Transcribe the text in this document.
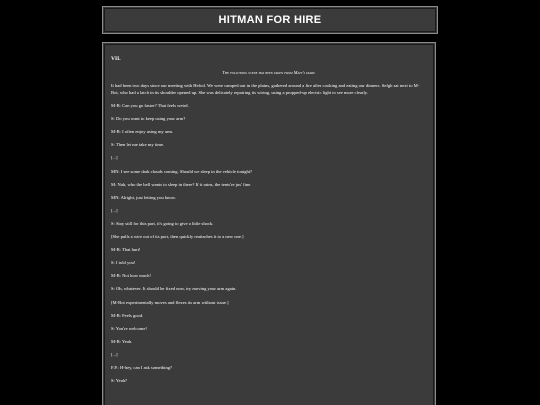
HITMAN FOR HIRE
VII.
The following scene has been taken from Matt's diary.

It had been two days since our meeting with Hefod. We were camped out in the plains, gathered around a fire after cooking and eating our dinners. Sefgh sat next to M-Bot, who had a latch in its shoulder opened up. She was delicately repairing its wiring, using a propped-up electric light to see more clearly.

M-B: Can you go faster? That feels weird.

S: Do you want to keep using your arm?

M-B: I often enjoy using my arm.

S: Then let me take my time.

[...]

MN: I see some dark clouds coming. Should we sleep in the vehicle tonight?

M: Nah, who the hell wants to sleep in there? If it rains, the tents're jus' fine.

MN: Alright, just letting you know.

[...]

S: Stay still for this part, it's going to give a little shock.

[She pulls a wire out of its port, then quickly reattaches it to a new one.]

M-B: That hurt!

S: I told you!

M-B: Not how much!

S: Oh, whatever. It should be fixed now, try moving your arm again.

[M-Bot experimentally moves and flexes its arm without issue.]

M-B: Feels good.

S: You're welcome!

M-B: Yeah.

[...]

F.P.: H-hey, can I ask something?

S: Yeah?
